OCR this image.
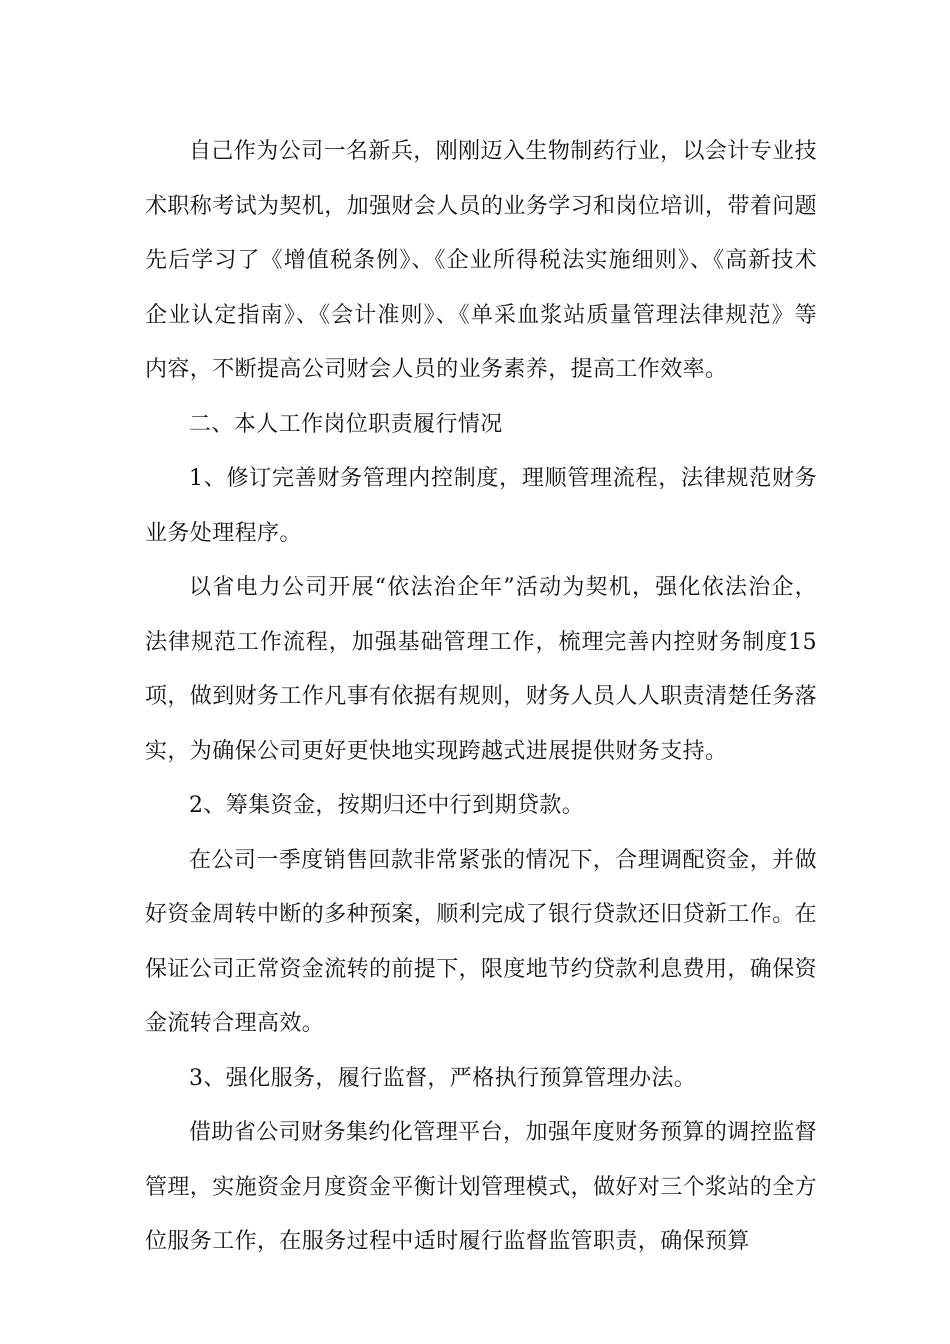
自己作为公司一名新兵，刚刚迈入生物制药行业，以会计专业技术职称考试为契机，加强财会人员的业务学习和岗位培训，带着问题先后学习了《增值税条例》、《企业所得税法实施细则》、《高新技术企业认定指南》、《会计准则》、《单采血浆站质量管理法律规范》等内容，不断提高公司财会人员的业务素养，提高工作效率。

二、本人工作岗位职责履行情况

1、修订完善财务管理内控制度，理顺管理流程，法律规范财务业务处理程序。

以省电力公司开展“依法治企年”活动为契机，强化依法治企，法律规范工作流程，加强基础管理工作，梳理完善内控财务制度15项，做到财务工作凡事有依据有规则，财务人员人人职责清楚任务落实，为确保公司更好更快地实现跨越式进展提供财务支持。

2、筹集资金，按期归还中行到期贷款。

在公司一季度销售回款非常紧张的情况下，合理调配资金，并做好资金周转中断的多种预案，顺利完成了银行贷款还旧贷新工作。在保证公司正常资金流转的前提下，限度地节约贷款利息费用，确保资金流转合理高效。

3、强化服务，履行监督，严格执行预算管理办法。

借助省公司财务集约化管理平台，加强年度财务预算的调控监督管理，实施资金月度资金平衡计划管理模式，做好对三个浆站的全方位服务工作，在服务过程中适时履行监督监管职责，确保预算
